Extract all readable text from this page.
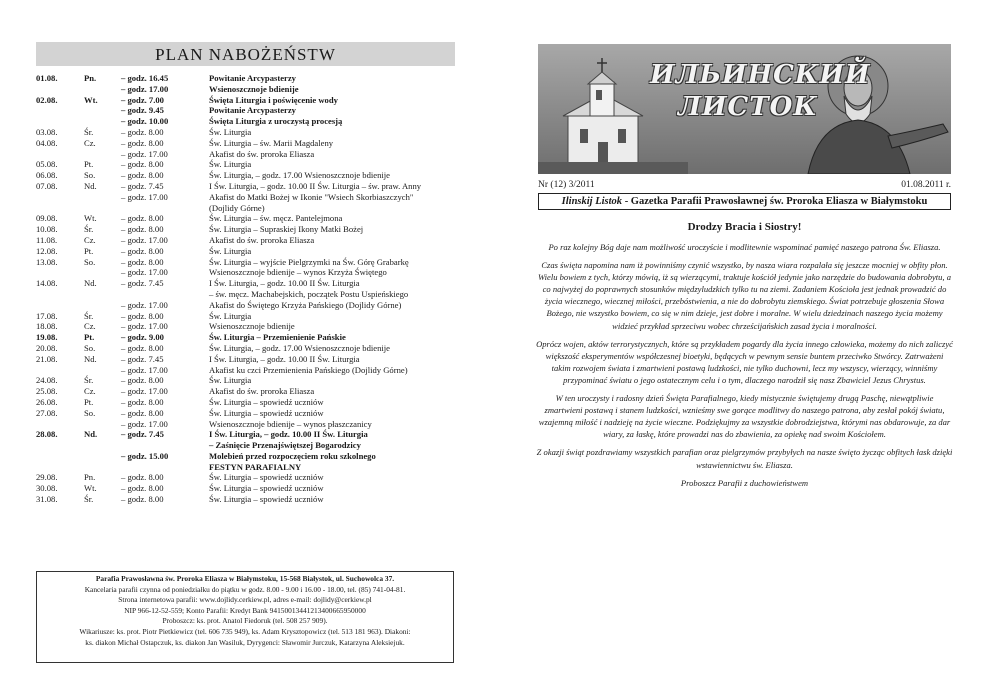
PLAN NABOŻEŃSTW
01.08.	Pn.	– godz. 16.45	Powitanie Arcypasterzy
		– godz. 17.00	Wsienoszcznoje bdienije
02.08.	Wt.	– godz. 7.00	Święta Liturgia i poświęcenie wody
		– godz. 9.45	Powitanie Arcypasterzy
		– godz. 10.00	Święta Liturgia z uroczystą procesją
03.08.	Śr.	– godz. 8.00	Św. Liturgia
04.08.	Cz.	– godz. 8.00	Św. Liturgia – św. Marii Magdaleny
		– godz. 17.00	Akafist do św. proroka Eliasza
05.08.	Pt.	– godz. 8.00	Św. Liturgia
06.08.	So.	– godz. 8.00	Św. Liturgia, – godz. 17.00 Wsienoszcznoje bdienije
07.08.	Nd.	– godz. 7.45	I Św. Liturgia, – godz. 10.00 II Św. Liturgia – św. praw. Anny
		– godz. 17.00	Akafist do Matki Bożej w Ikonie "Wsiech Skorbiaszczych"
			(Dojlidy Górne)
09.08.	Wt.	– godz. 8.00	Św. Liturgia – św. męcz. Pantelejmona
10.08.	Śr.	– godz. 8.00	Św. Liturgia – Supraskiej Ikony Matki Bożej
11.08.	Cz.	– godz. 17.00	Akafist do św. proroka Eliasza
12.08.	Pt.	– godz. 8.00	Św. Liturgia
13.08.	So.	– godz. 8.00	Św. Liturgia – wyjście Pielgrzymki na Św. Górę Grabarkę
		– godz. 17.00	Wsienoszcznoje bdienije – wynos Krzyża Świętego
14.08.	Nd.	– godz. 7.45	I Św. Liturgia, – godz. 10.00 II Św. Liturgia
			– św. męcz. Machabejskich, początek Postu Uspieńskiego
		– godz. 17.00	Akafist do Świętego Krzyża Pańskiego (Dojlidy Górne)
17.08.	Śr.	– godz. 8.00	Św. Liturgia
18.08.	Cz.	– godz. 17.00	Wsienoszcznoje bdienije
19.08.	Pt.	– godz. 9.00	Św. Liturgia – Przemienienie Pańskie
20.08.	So.	– godz. 8.00	Św. Liturgia, – godz. 17.00 Wsienoszcznoje bdienije
21.08.	Nd.	– godz. 7.45	I Św. Liturgia, – godz. 10.00 II Św. Liturgia
		– godz. 17.00	Akafist ku czci Przemienienia Pańskiego (Dojlidy Górne)
24.08.	Śr.	– godz. 8.00	Św. Liturgia
25.08.	Cz.	– godz. 17.00	Akafist do św. proroka Eliasza
26.08.	Pt.	– godz. 8.00	Św. Liturgia – spowiedź uczniów
27.08.	So.	– godz. 8.00	Św. Liturgia – spowiedź uczniów
		– godz. 17.00	Wsienoszcznoje bdienije – wynos płaszczanicy
28.08.	Nd.	– godz. 7.45	I Św. Liturgia, – godz. 10.00 II Św. Liturgia
			– Zaśnięcie Przenajświętszej Bogarodzicy
		– godz. 15.00	Molebień przed rozpoczęciem roku szkolnego
			FESTYN PARAFIALNY
29.08.	Pn.	– godz. 8.00	Św. Liturgia – spowiedź uczniów
30.08.	Wt.	– godz. 8.00	Św. Liturgia – spowiedź uczniów
31.08.	Śr.	– godz. 8.00	Św. Liturgia – spowiedź uczniów
Parafia Prawosławna św. Proroka Eliasza w Białymstoku, 15-568 Białystok, ul. Suchowolca 37.
Kancelaria parafii czynna od poniedziałku do piątku w godz. 8.00 - 9.00 i 16.00 - 18.00, tel. (85) 741-04-81.
Strona internetowa parafii: www.dojlidy.cerkiew.pl, adres e-mail: dojlidy@cerkiew.pl
NIP 966-12-52-559; Konto Parafii: Kredyt Bank 94150013441213400665950000
Proboszcz: ks. prot. Anatol Fiedoruk (tel. 508 257 909).
Wikariusze: ks. prot. Piotr Pietkiewicz (tel. 606 735 949), ks. Adam Krysztopowicz (tel. 513 181 963). Diakoni:
ks. diakon Michał Ostapczuk, ks. diakon Jan Wasiluk, Dyrygenci: Sławomir Jurczuk, Katarzyna Aleksiejuk.
ИЛЬИНСКИЙ
ЛИСТОК
Nr (12) 3/2011	01.08.2011 r.
Ilinskij Listok - Gazetka Parafii Prawosławnej św. Proroka Eliasza w Białymstoku
Drodzy Bracia i Siostry!

Po raz kolejny Bóg daje nam możliwość uroczyście i modlitewnie wspominać pamięć naszego patrona Św. Eliasza.

Czas święta napomina nam iż powinniśmy czynić wszystko, by nasza wiara rozpalała się jeszcze mocniej w obfity płon. Wielu bowiem z tych, którzy mówią, iż są wierzącymi, traktuje kościół jedynie jako narzędzie do budowania dobrobytu, a co najwyżej do poprawnych stosunków międzyludzkich tylko tu na ziemi. Zadaniem Kościoła jest jednak prowadzić do życia wiecznego, wiecznej miłości, przebóstwienia, a nie do dobrobytu ziemskiego. Świat potrzebuje głoszenia Słowa Bożego, nie wszystko bowiem, co się w nim dzieje, jest dobre i moralne. W wielu dziedzinach naszego życia możemy widzieć przykład sprzeciwu wobec chrześcijańskich zasad życia i moralności.

Oprócz wojen, aktów terrorystycznych, które są przykładem pogardy dla życia innego człowieka, możemy do nich zaliczyć większość eksperymentów współczesnej bioetyki, będących w pewnym sensie buntem przeciwko Stwórcy. Zatrważeni takim rozwojem świata i zmartwieni postawą ludzkości, nie tylko duchowni, lecz my wszyscy, wierzący, winniśmy przypominać światu o jego ostatecznym celu i o tym, dlaczego narodził się nasz Zbawiciel Jezus Chrystus.

W ten uroczysty i radosny dzień Święta Parafialnego, kiedy mistycznie świętujemy drugą Paschę, niewątpliwie zmartwieni postawą i stanem ludzkości, wznieśmy swe gorące modlitwy do naszego patrona, aby zesłał pokój światu, wzajemną miłość i nadzieję na życie wieczne. Podziękujmy za wszystkie dobrodziejstwa, którymi nas obdarowuje, za dar wiary, za łaskę, które prowadzi nas do zbawienia, za opiekę nad swoim Kościołem.

Z okazji świąt pozdrawiamy wszystkich parafian oraz pielgrzymów przybyłych na nasze święto życząc obfitych łask dzięki wstawiennictwu św. Eliasza.

Proboszcz Parafii z duchowieństwem
